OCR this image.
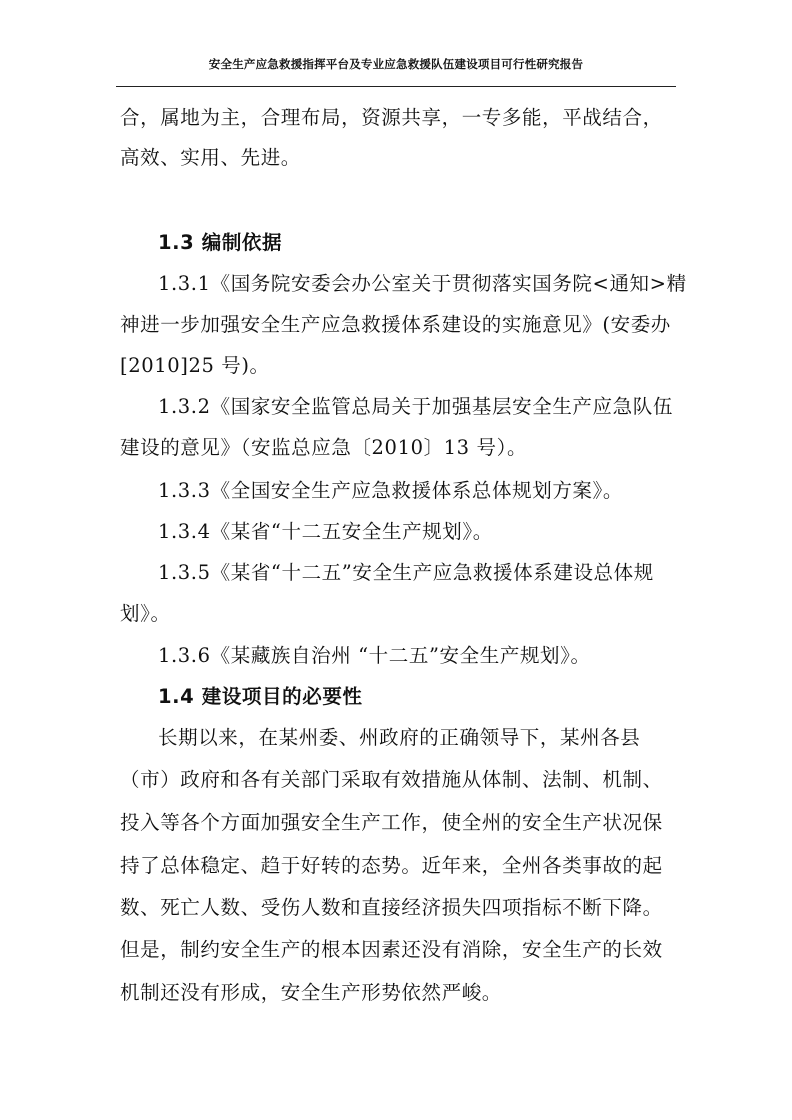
安全生产应急救援指挥平台及专业应急救援队伍建设项目可行性研究报告
合，属地为主，合理布局，资源共享，一专多能，平战结合，
高效、实用、先进。
1.3 编制依据
1.3.1《国务院安委会办公室关于贯彻落实国务院<通知>精
神进一步加强安全生产应急救援体系建设的实施意见》(安委办
[2010]25 号)。
1.3.2《国家安全监管总局关于加强基层安全生产应急队伍
建设的意见》（安监总应急〔2010〕13 号）。
1.3.3《全国安全生产应急救援体系总体规划方案》。
1.3.4《某省“十二五安全生产规划》。
1.3.5《某省“十二五”安全生产应急救援体系建设总体规
划》。
1.3.6《某藏族自治州 “十二五”安全生产规划》。
1.4 建设项目的必要性
长期以来，在某州委、州政府的正确领导下，某州各县
（市）政府和各有关部门采取有效措施从体制、法制、机制、
投入等各个方面加强安全生产工作，使全州的安全生产状况保
持了总体稳定、趋于好转的态势。近年来，全州各类事故的起
数、死亡人数、受伤人数和直接经济损失四项指标不断下降。
但是，制约安全生产的根本因素还没有消除，安全生产的长效
机制还没有形成，安全生产形势依然严峻。
